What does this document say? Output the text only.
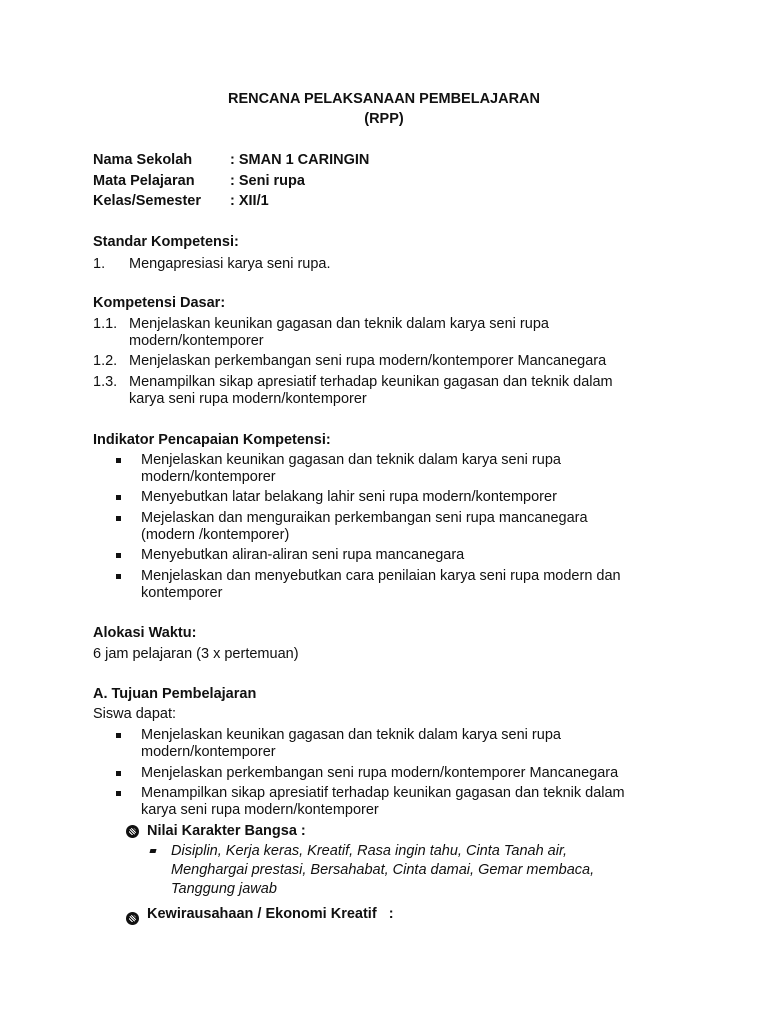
RENCANA PELAKSANAAN PEMBELAJARAN
(RPP)
Nama Sekolah	: SMAN 1 CARINGIN
Mata Pelajaran : Seni rupa
Kelas/Semester : XII/1
Standar Kompetensi:
1. Mengapresiasi karya seni rupa.
Kompetensi Dasar:
1.1. Menjelaskan keunikan gagasan dan teknik dalam karya seni rupa
modern/kontemporer
1.2. Menjelaskan perkembangan seni rupa modern/kontemporer Mancanegara
1.3. Menampilkan sikap apresiatif terhadap keunikan gagasan dan teknik dalam
karya seni rupa modern/kontemporer
Indikator Pencapaian Kompetensi:
Menjelaskan keunikan gagasan dan teknik dalam karya seni rupa
modern/kontemporer
Menyebutkan latar belakang lahir seni rupa modern/kontemporer
Mejelaskan dan menguraikan perkembangan seni rupa mancanegara
(modern /kontemporer)
Menyebutkan aliran-aliran seni rupa mancanegara
Menjelaskan dan menyebutkan cara penilaian karya seni rupa modern dan
kontemporer
Alokasi Waktu:
6 jam pelajaran (3 x pertemuan)
A. Tujuan Pembelajaran
Siswa dapat:
Menjelaskan keunikan gagasan dan teknik dalam karya seni rupa
modern/kontemporer
Menjelaskan perkembangan seni rupa modern/kontemporer Mancanegara
Menampilkan sikap apresiatif terhadap keunikan gagasan dan teknik dalam
karya seni rupa modern/kontemporer
Nilai Karakter Bangsa :
Disiplin, Kerja keras, Kreatif, Rasa ingin tahu, Cinta Tanah air,
Menghargai prestasi, Bersahabat, Cinta damai, Gemar membaca,
Tanggung jawab
Kewirausahaan / Ekonomi Kreatif   :
